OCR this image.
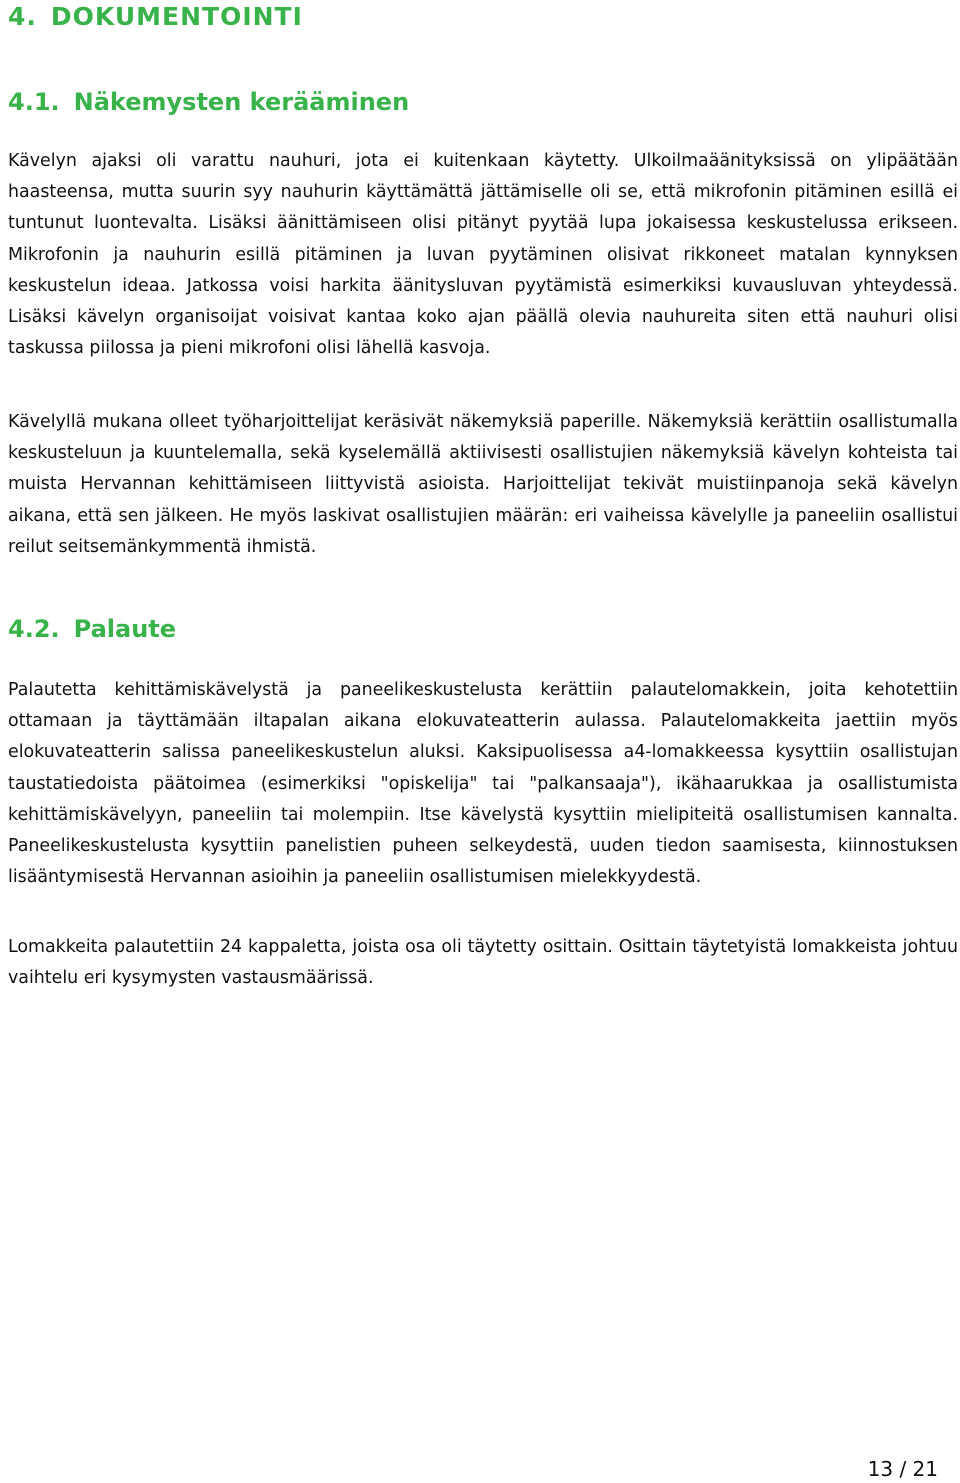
4. DOKUMENTOINTI
4.1. Näkemysten kerääminen

Kävelyn ajaksi oli varattu nauhuri, jota ei kuitenkaan käytetty. Ulkoilmaäänityksissä on ylipäätään haasteensa, mutta suurin syy nauhurin käyttämättä jättämiselle oli se, että mikrofonin pitäminen esillä ei tuntunut luontevalta. Lisäksi äänittämiseen olisi pitänyt pyytää lupa jokaisessa keskustelussa erikseen. Mikrofonin ja nauhurin esillä pitäminen ja luvan pyytäminen olisivat rikkoneet matalan kynnyksen keskustelun ideaa. Jatkossa voisi harkita äänitysluvan pyytämistä esimerkiksi kuvausluvan yhteydessä. Lisäksi kävelyn organisoijat voisivat kantaa koko ajan päällä olevia nauhureita siten että nauhuri olisi taskussa piilossa ja pieni mikrofoni olisi lähellä kasvoja.

Kävelyllä mukana olleet työharjoittelijat keräsivät näkemyksiä paperille. Näkemyksiä kerättiin osallistumalla keskusteluun ja kuuntelemalla, sekä kyselemällä aktiivisesti osallistujien näkemyksiä kävelyn kohteista tai muista Hervannan kehittämiseen liittyvistä asioista. Harjoittelijat tekivät muistiinpanoja sekä kävelyn aikana, että sen jälkeen. He myös laskivat osallistujien määrän: eri vaiheissa kävelylle ja paneeliin osallistui reilut seitsemänkymmentä ihmistä.

4.2. Palaute

Palautetta kehittämiskävelystä ja paneelikeskustelusta kerättiin palautelomakkein, joita kehotettiin ottamaan ja täyttämään iltapalan aikana elokuvateatterin aulassa. Palautelomakkeita jaettiin myös elokuvateatterin salissa paneelikeskustelun aluksi. Kaksipuolisessa a4-lomakkeessa kysyttiin osallistujan taustatiedoista päätoimea (esimerkiksi "opiskelija" tai "palkansaaja"), ikähaarukkaa ja osallistumista kehittämiskävelyyn, paneeliin tai molempiin. Itse kävelystä kysyttiin mielipiteitä osallistumisen kannalta. Paneelikeskustelusta kysyttiin panelistien puheen selkeydestä, uuden tiedon saamisesta, kiinnostuksen lisääntymisestä Hervannan asioihin ja paneeliin osallistumisen mielekkyydestä.

Lomakkeita palautettiin 24 kappaletta, joista osa oli täytetty osittain. Osittain täytetyistä lomakkeista johtuu vaihtelu eri kysymysten vastausmäärissä.

13 / 21
